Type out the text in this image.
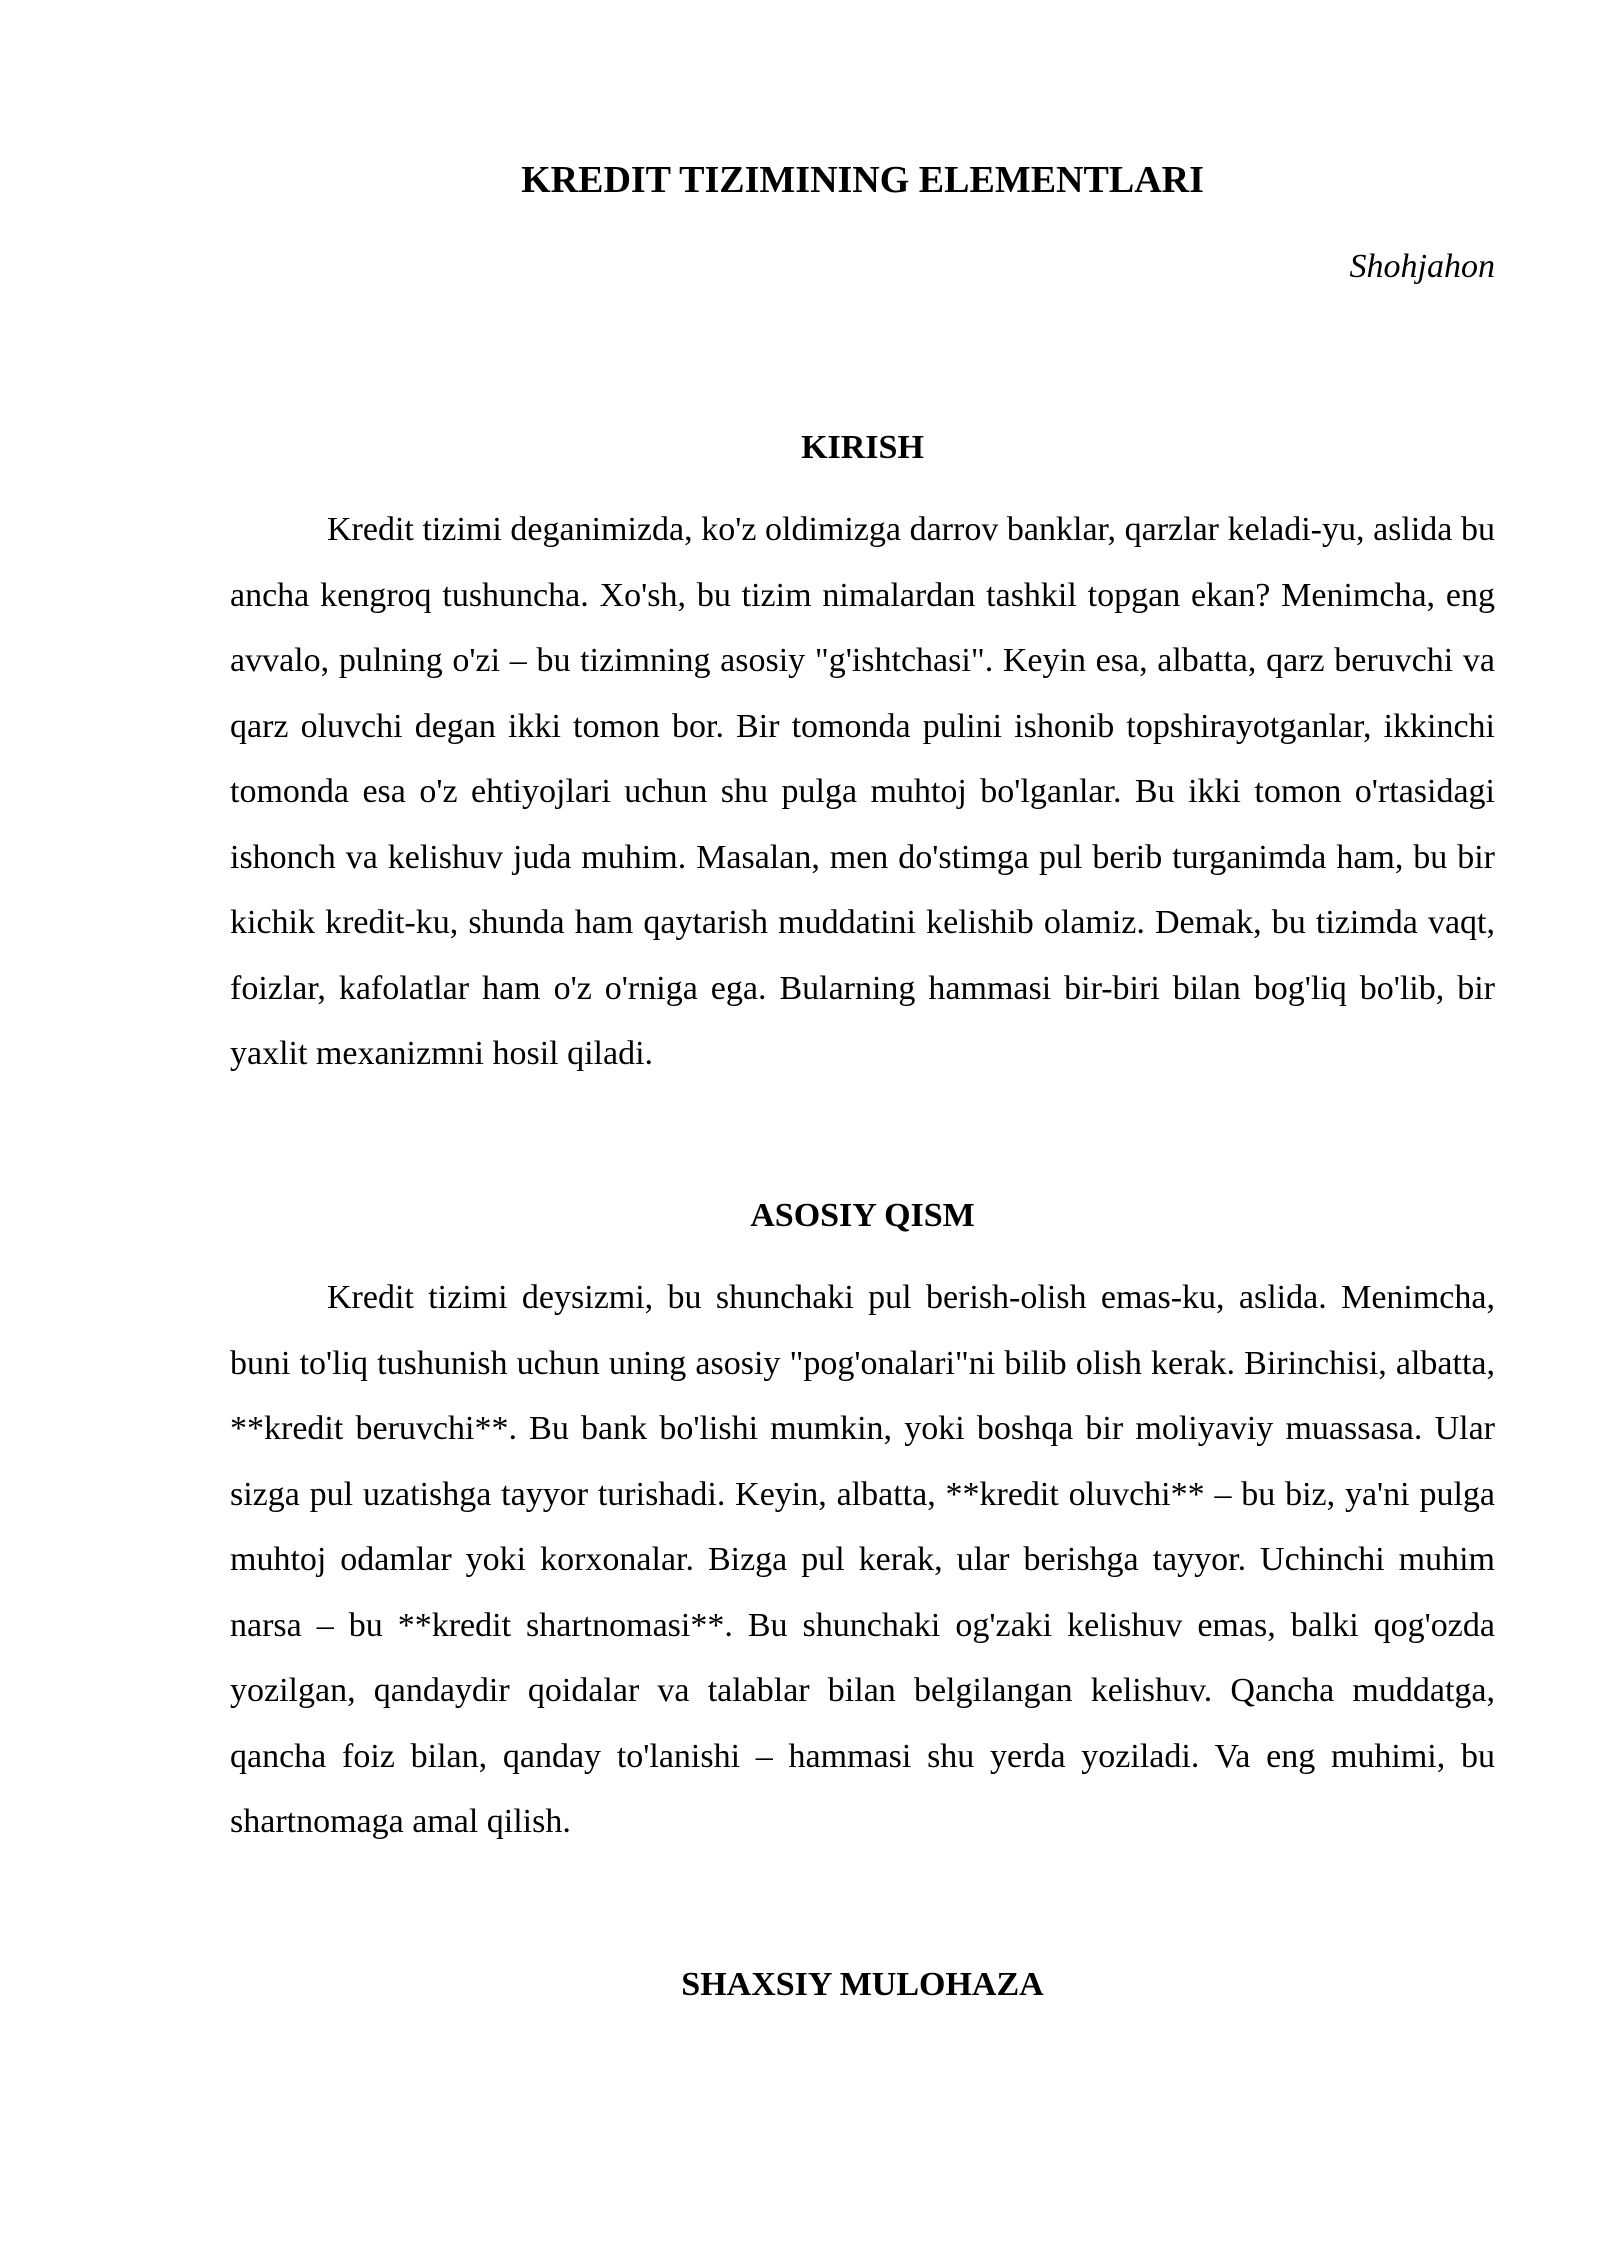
KREDIT TIZIMINING ELEMENTLARI

Shohjahon

KIRISH

Kredit tizimi deganimizda, ko'z oldimizga darrov banklar, qarzlar keladi-yu, aslida bu ancha kengroq tushuncha. Xo'sh, bu tizim nimalardan tashkil topgan ekan? Menimcha, eng avvalo, pulning o'zi – bu tizimning asosiy "g'ishtchasi". Keyin esa, albatta, qarz beruvchi va qarz oluvchi degan ikki tomon bor. Bir tomonda pulini ishonib topshirayotganlar, ikkinchi tomonda esa o'z ehtiyojlari uchun shu pulga muhtoj bo'lganlar. Bu ikki tomon o'rtasidagi ishonch va kelishuv juda muhim. Masalan, men do'stimga pul berib turganimda ham, bu bir kichik kredit-ku, shunda ham qaytarish muddatini kelishib olamiz. Demak, bu tizimda vaqt, foizlar, kafolatlar ham o'z o'rniga ega. Bularning hammasi bir-biri bilan bog'liq bo'lib, bir yaxlit mexanizmni hosil qiladi.

ASOSIY QISM

Kredit tizimi deysizmi, bu shunchaki pul berish-olish emas-ku, aslida. Menimcha, buni to'liq tushunish uchun uning asosiy "pog'onalari"ni bilib olish kerak. Birinchisi, albatta, **kredit beruvchi**. Bu bank bo'lishi mumkin, yoki boshqa bir moliyaviy muassasa. Ular sizga pul uzatishga tayyor turishadi. Keyin, albatta, **kredit oluvchi** – bu biz, ya'ni pulga muhtoj odamlar yoki korxonalar. Bizga pul kerak, ular berishga tayyor. Uchinchi muhim narsa – bu **kredit shartnomasi**. Bu shunchaki og'zaki kelishuv emas, balki qog'ozda yozilgan, qandaydir qoidalar va talablar bilan belgilangan kelishuv. Qancha muddatga, qancha foiz bilan, qanday to'lanishi – hammasi shu yerda yoziladi. Va eng muhimi, bu shartnomaga amal qilish.

SHAXSIY MULOHAZA
